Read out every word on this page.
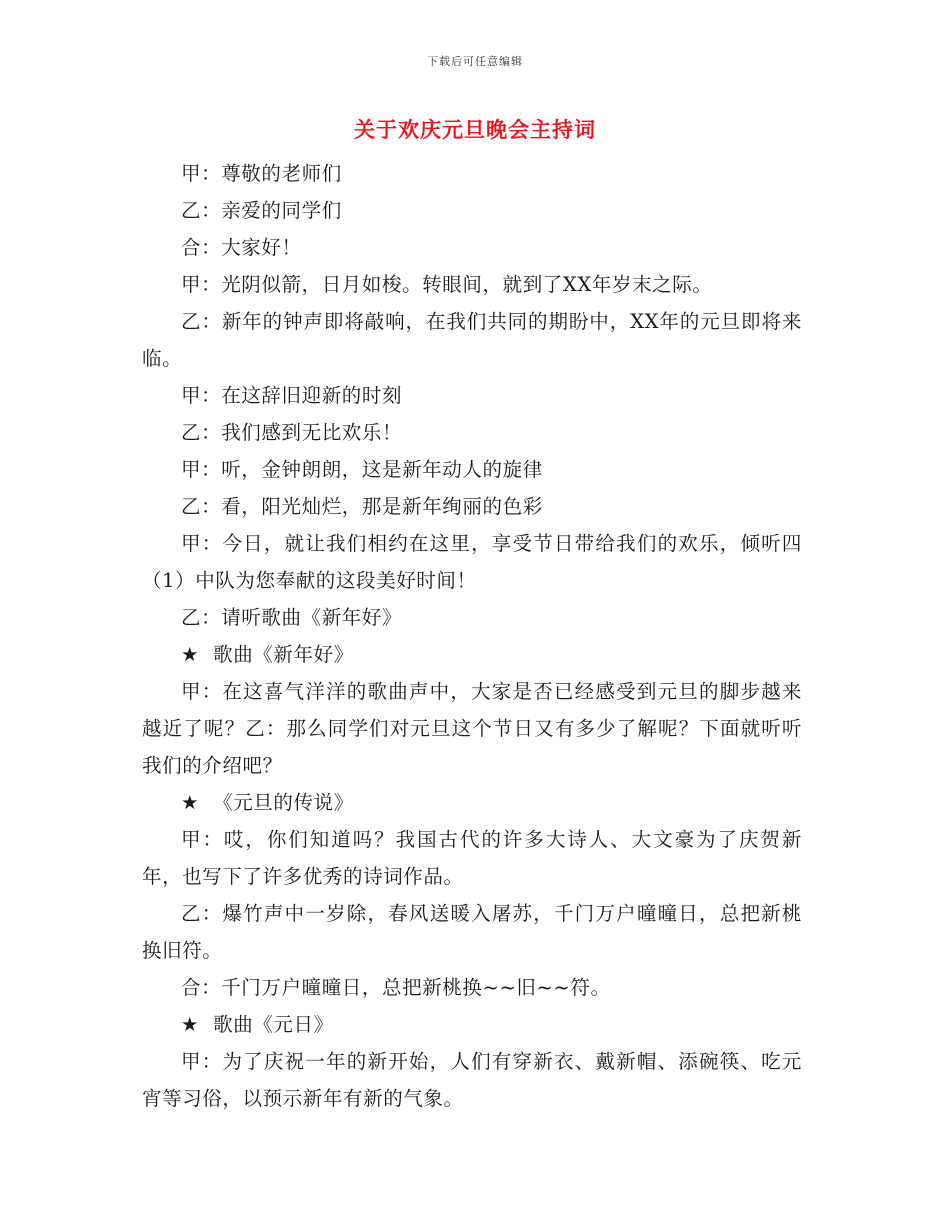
下载后可任意编辑
关于欢庆元旦晚会主持词

甲：尊敬的老师们

乙：亲爱的同学们

合：大家好！

甲：光阴似箭，日月如梭。转眼间，就到了XX年岁末之际。

乙：新年的钟声即将敲响，在我们共同的期盼中，XX年的元旦即将来临。

甲：在这辞旧迎新的时刻

乙：我们感到无比欢乐！

甲：听，金钟朗朗，这是新年动人的旋律

乙：看，阳光灿烂，那是新年绚丽的色彩

甲：今日，就让我们相约在这里，享受节日带给我们的欢乐，倾听四（1）中队为您奉献的这段美好时间！

乙：请听歌曲《新年好》

★ 歌曲《新年好》

甲：在这喜气洋洋的歌曲声中，大家是否已经感受到元旦的脚步越来越近了呢？乙：那么同学们对元旦这个节日又有多少了解呢？下面就听听我们的介绍吧？

★ 《元旦的传说》

甲：哎，你们知道吗？我国古代的许多大诗人、大文豪为了庆贺新年，也写下了许多优秀的诗词作品。

乙：爆竹声中一岁除，春风送暖入屠苏，千门万户曈曈日，总把新桃换旧符。

合：千门万户曈曈日，总把新桃换~~旧~~符。

★ 歌曲《元日》

甲：为了庆祝一年的新开始，人们有穿新衣、戴新帽、添碗筷、吃元宵等习俗，以预示新年有新的气象。
